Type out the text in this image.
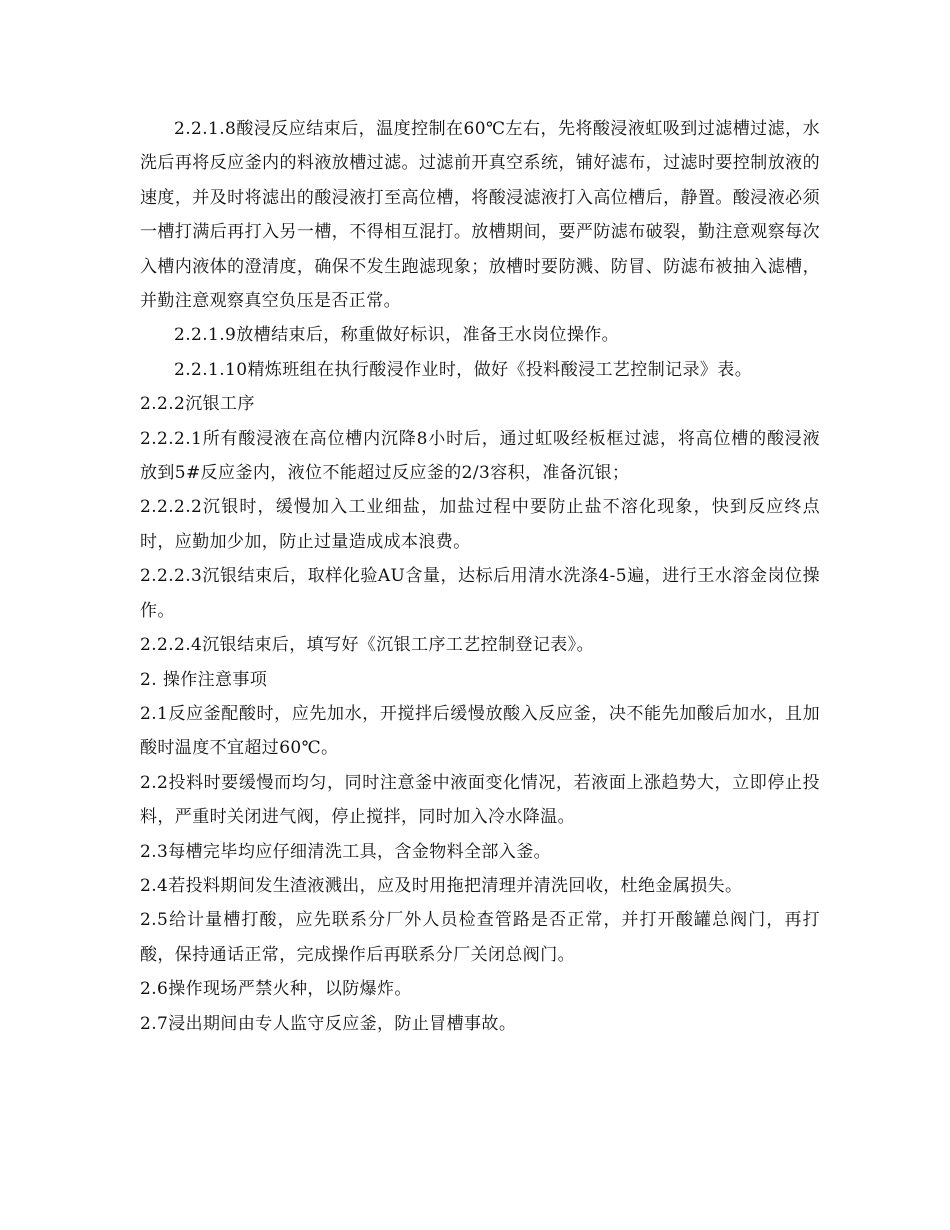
2.2.1.8酸浸反应结束后，温度控制在60℃左右，先将酸浸液虹吸到过滤槽过滤，水洗后再将反应釜内的料液放槽过滤。过滤前开真空系统，铺好滤布，过滤时要控制放液的速度，并及时将滤出的酸浸液打至高位槽，将酸浸滤液打入高位槽后，静置。酸浸液必须一槽打满后再打入另一槽，不得相互混打。放槽期间，要严防滤布破裂，勤注意观察每次入槽内液体的澄清度，确保不发生跑滤现象；放槽时要防溅、防冒、防滤布被抽入滤槽，并勤注意观察真空负压是否正常。

2.2.1.9放槽结束后，称重做好标识，准备王水岗位操作。

2.2.1.10精炼班组在执行酸浸作业时，做好《投料酸浸工艺控制记录》表。

2.2.2沉银工序

2.2.2.1所有酸浸液在高位槽内沉降8小时后，通过虹吸经板框过滤，将高位槽的酸浸液放到5#反应釜内，液位不能超过反应釜的2/3容积，准备沉银；

2.2.2.2沉银时，缓慢加入工业细盐，加盐过程中要防止盐不溶化现象，快到反应终点时，应勤加少加，防止过量造成成本浪费。

2.2.2.3沉银结束后，取样化验AU含量，达标后用清水洗涤4-5遍，进行王水溶金岗位操作。

2.2.2.4沉银结束后，填写好《沉银工序工艺控制登记表》。

2. 操作注意事项

2.1反应釜配酸时，应先加水，开搅拌后缓慢放酸入反应釜，决不能先加酸后加水，且加酸时温度不宜超过60℃。

2.2投料时要缓慢而均匀，同时注意釜中液面变化情况，若液面上涨趋势大，立即停止投料，严重时关闭进气阀，停止搅拌，同时加入冷水降温。

2.3每槽完毕均应仔细清洗工具，含金物料全部入釜。

2.4若投料期间发生渣液溅出，应及时用拖把清理并清洗回收，杜绝金属损失。

2.5给计量槽打酸，应先联系分厂外人员检查管路是否正常，并打开酸罐总阀门，再打酸，保持通话正常，完成操作后再联系分厂关闭总阀门。

2.6操作现场严禁火种，以防爆炸。

2.7浸出期间由专人监守反应釜，防止冒槽事故。
